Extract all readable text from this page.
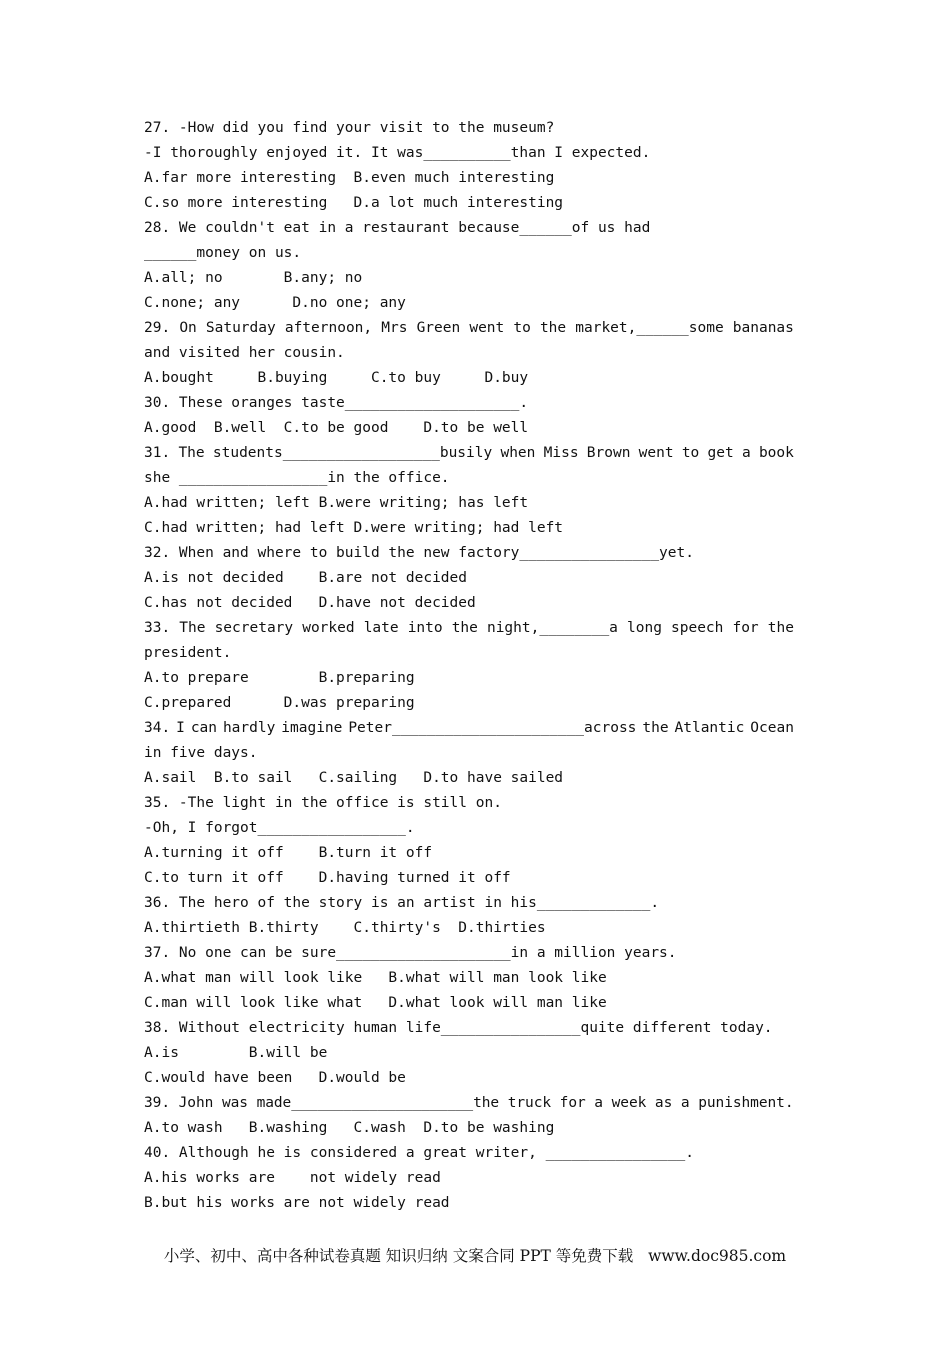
27. -How did you find your visit to the museum?
-I thoroughly enjoyed it. It was__________than I expected.
A.far more interesting  B.even much interesting
C.so more interesting   D.a lot much interesting
28. We couldn't eat in a restaurant because______of us had
______money on us.
A.all; no       B.any; no
C.none; any      D.no one; any
29. On Saturday afternoon, Mrs Green went to the market,______some bananas
and visited her cousin.
A.bought     B.buying     C.to buy     D.buy
30. These oranges taste____________________.
A.good  B.well  C.to be good    D.to be well
31. The students__________________busily when Miss Brown went to get a book
she _________________in the office.
A.had written; left B.were writing; has left
C.had written; had left D.were writing; had left
32. When and where to build the new factory________________yet.
A.is not decided    B.are not decided
C.has not decided   D.have not decided
33. The secretary worked late into the night,________a long speech for the
president.
A.to prepare        B.preparing
C.prepared      D.was preparing
34. I can hardly imagine Peter______________________across the Atlantic Ocean
in five days.
A.sail  B.to sail   C.sailing   D.to have sailed
35. -The light in the office is still on.
-Oh, I forgot_________________.
A.turning it off    B.turn it off
C.to turn it off    D.having turned it off
36. The hero of the story is an artist in his_____________.
A.thirtieth B.thirty    C.thirty's  D.thirties
37. No one can be sure____________________in a million years.
A.what man will look like   B.what will man look like
C.man will look like what   D.what look will man like
38. Without electricity human life________________quite different today.
A.is        B.will be
C.would have been   D.would be
39. John was made_____________________the truck for a week as a punishment.
A.to wash   B.washing   C.wash  D.to be washing
40. Although he is considered a great writer, ________________.
A.his works are    not widely read
B.but his works are not widely read
小学、初中、高中各种试卷真题 知识归纳 文案合同 PPT 等免费下载   www.doc985.com
